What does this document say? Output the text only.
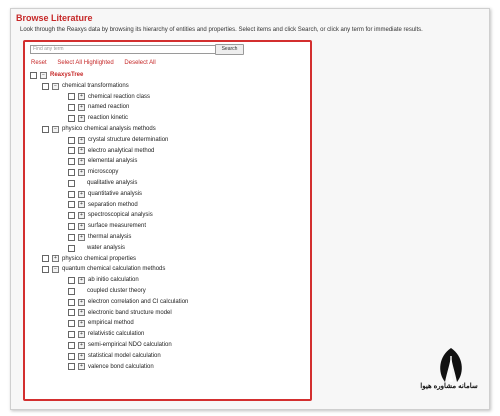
Browse Literature
Look through the Reaxys data by browsing its hierarchy of entities and properties. Select items and click Search, or click any term for immediate results.
Find any term	Search
Reset Select All Highlighted Deselect All
− ReaxysTree
− chemical transformations
+ chemical reaction class
+ named reaction
+ reaction kinetic
− physico chemical analysis methods
+ crystal structure determination
+ electro analytical method
+ elemental analysis
+ microscopy
qualitative analysis
+ quantitative analysis
+ separation method
+ spectroscopical analysis
+ surface measurement
+ thermal analysis
water analysis
+ physico chemical properties
− quantum chemical calculation methods
+ ab initio calculation
coupled cluster theory
+ electron correlation and CI calculation
+ electronic band structure model
+ empirical method
+ relativistic calculation
+ semi-empirical NDO calculation
+ statistical model calculation
+ valence bond calculation
سامانه مشاوره هیوا
